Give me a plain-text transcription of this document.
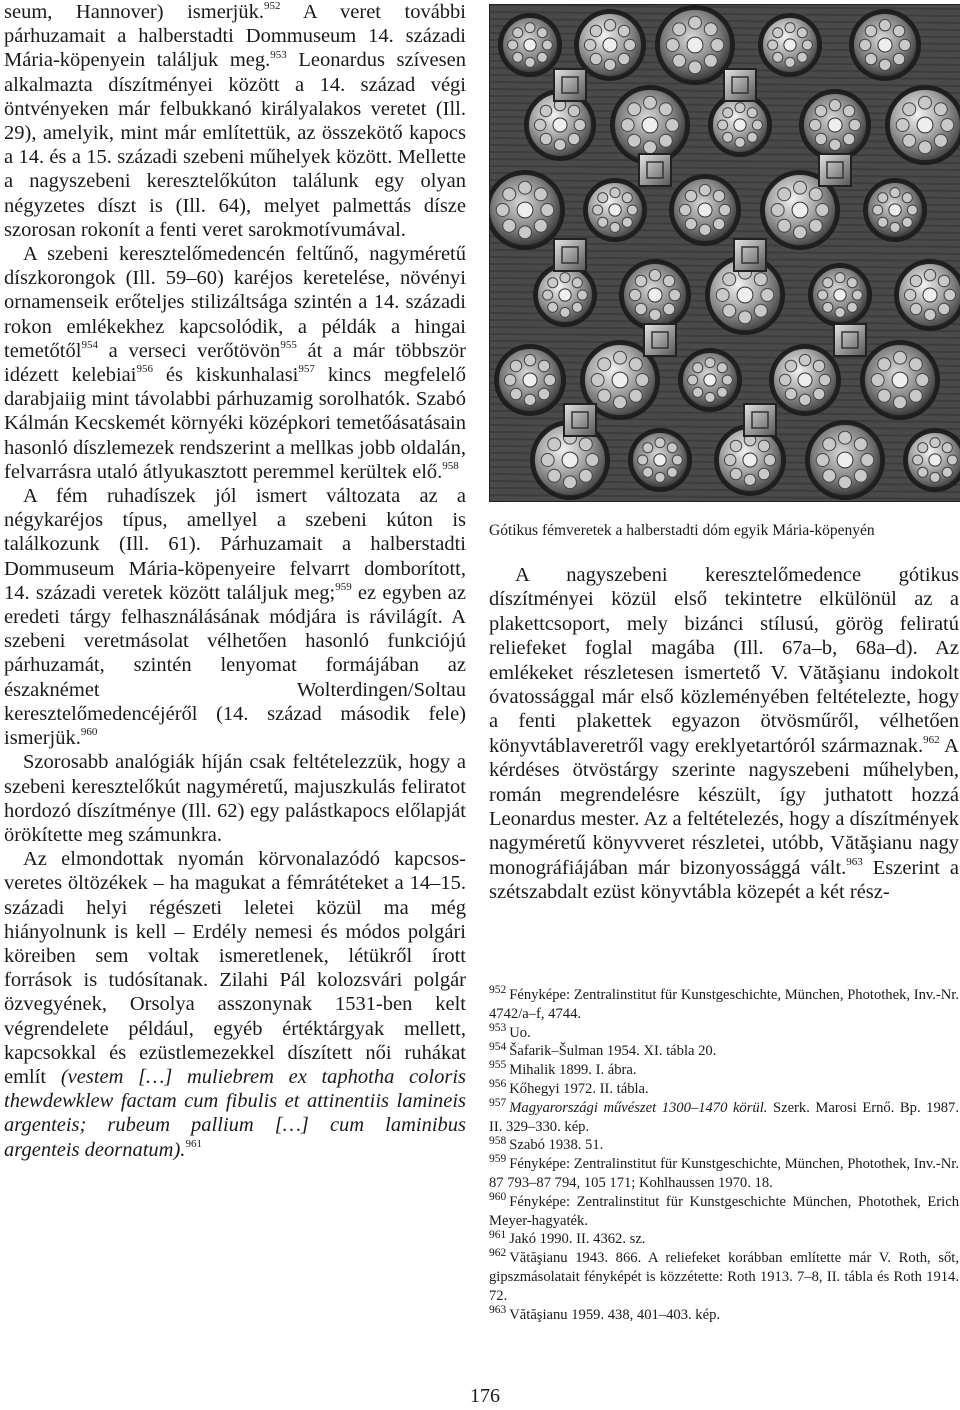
seum, Hannover) ismerjük.$^{952}$ A veret további párhuzamait a halberstadti Dommuseum 14. századi Mária-köpenyein találjuk meg.$^{953}$ Leonardus szívesen alkalmazta díszítményei között a 14. század végi öntvényeken már felbukkanó királyalakos veretet (Ill. 29), amelyik, mint már említettük, az összekötő kapocs a 14. és a 15. századi szebeni műhelyek között. Mellette a nagyszebeni keresztelőkúton találunk egy olyan négyzetes díszt is (Ill. 64), melyet palmettás dísze szorosan rokonít a fenti veret sarokmotívumával.

A szebeni keresztelőmedencén feltűnő, nagyméretű díszkorongok (Ill. 59–60) karéjos keretelése, növényi ornamenseik erőteljes stilizáltsága szintén a 14. századi rokon emlékekhez kapcsolódik, a példák a hingai temetőtől$^{954}$ a verseci verőtövön$^{955}$ át a már többször idézett kelebiai$^{956}$ és kiskunhalasi$^{957}$ kincs megfelelő darabjaiig mint távolabbi párhuzamig sorolhatók. Szabó Kálmán Kecskemét környéki középkori temetőásatásain hasonló díszlemezek rendszerint a mellkas jobb oldalán, felvarrásra utaló átlyukasztott peremmel kerültek elő.$^{958}$

A fém ruhadíszek jól ismert változata az a négykaréjos típus, amellyel a szebeni kúton is találkozunk (Ill. 61). Párhuzamait a halberstadti Dommuseum Mária-köpenyeire felvarrt domborított, 14. századi veretek között találjuk meg;$^{959}$ ez egyben az eredeti tárgy felhasználásának módjára is rávilágít. A szebeni veretmásolat vélhetően hasonló funkciójú párhuzamát, szintén lenyomat formájában az északnémet Wolterdingen/Soltau keresztelőmedencéjéről (14. század második fele) ismerjük.$^{960}$

Szorosabb analógiák híján csak feltételezzük, hogy a szebeni keresztelőkút nagyméretű, majuszkulás feliratot hordozó díszítménye (Ill. 62) egy palástkapocs előlapját örökítette meg számunkra.

Az elmondottak nyomán körvonalazódó kapcsos-veretes öltözékek – ha magukat a fémrátéteket a 14–15. századi helyi régészeti leletei közül ma még hiányolnunk is kell – Erdély nemesi és módos polgári köreiben sem voltak ismeretlenek, létükről írott források is tudósítanak. Zilahi Pál kolozsvári polgár özvegyének, Orsolya asszonynak 1531-ben kelt végrendelete például, egyéb értéktárgyak mellett, kapcsokkal és ezüstlemezekkel díszített női ruhákat említ (vestem […] muliebrem ex taphotha coloris thewdewklew factam cum fibulis et attinentiis lamineis argenteis; rubeum pallium […] cum laminibus argenteis deornatum).$^{961}$

Gótikus fémveretek a halberstadti dóm egyik Mária-köpenyén

A nagyszebeni keresztelőmedence gótikus díszítményei közül első tekintetre elkülönül az a plakettcsoport, mely bizánci stílusú, görög feliratú reliefeket foglal magába (Ill. 67a–b, 68a–d). Az emlékeket részletesen ismertető V. Vătăşianu indokolt óvatossággal már első közleményében feltételezte, hogy a fenti plakettek egyazon ötvösműről, vélhetően könyvtáblaveretről vagy ereklyetartóról származnak.$^{962}$ A kérdéses ötvöstárgy szerinte nagyszebeni műhelyben, román megrendelésre készült, így juthatott hozzá Leonardus mester. Az a feltételezés, hogy a díszítmények nagyméretű könyvveret részletei, utóbb, Vătăşianu nagy monográfiájában már bizonyossággá vált.$^{963}$ Eszerint a szétszabdalt ezüst könyvtábla közepét a két rész-

$^{952}$ Fényképe: Zentralinstitut für Kunstgeschichte, München, Photothek, Inv.-Nr. 4742/a–f, 4744.
$^{953}$ Uo.
$^{954}$ Šafarik–Šulman 1954. XI. tábla 20.
$^{955}$ Mihalik 1899. I. ábra.
$^{956}$ Kőhegyi 1972. II. tábla.
$^{957}$ Magyarországi művészet 1300–1470 körül. Szerk. Marosi Ernő. Bp. 1987. II. 329–330. kép.
$^{958}$ Szabó 1938. 51.
$^{959}$ Fényképe: Zentralinstitut für Kunstgeschichte, München, Photothek, Inv.-Nr. 87 793–87 794, 105 171; Kohlhaussen 1970. 18.
$^{960}$ Fényképe: Zentralinstitut für Kunstgeschichte München, Photothek, Erich Meyer-hagyaték.
$^{961}$ Jakó 1990. II. 4362. sz.
$^{962}$ Vătăşianu 1943. 866. A reliefeket korábban említette már V. Roth, sőt, gipszmásolatait fényképét is közzétette: Roth 1913. 7–8, II. tábla és Roth 1914. 72.
$^{963}$ Vătăşianu 1959. 438, 401–403. kép.
176
